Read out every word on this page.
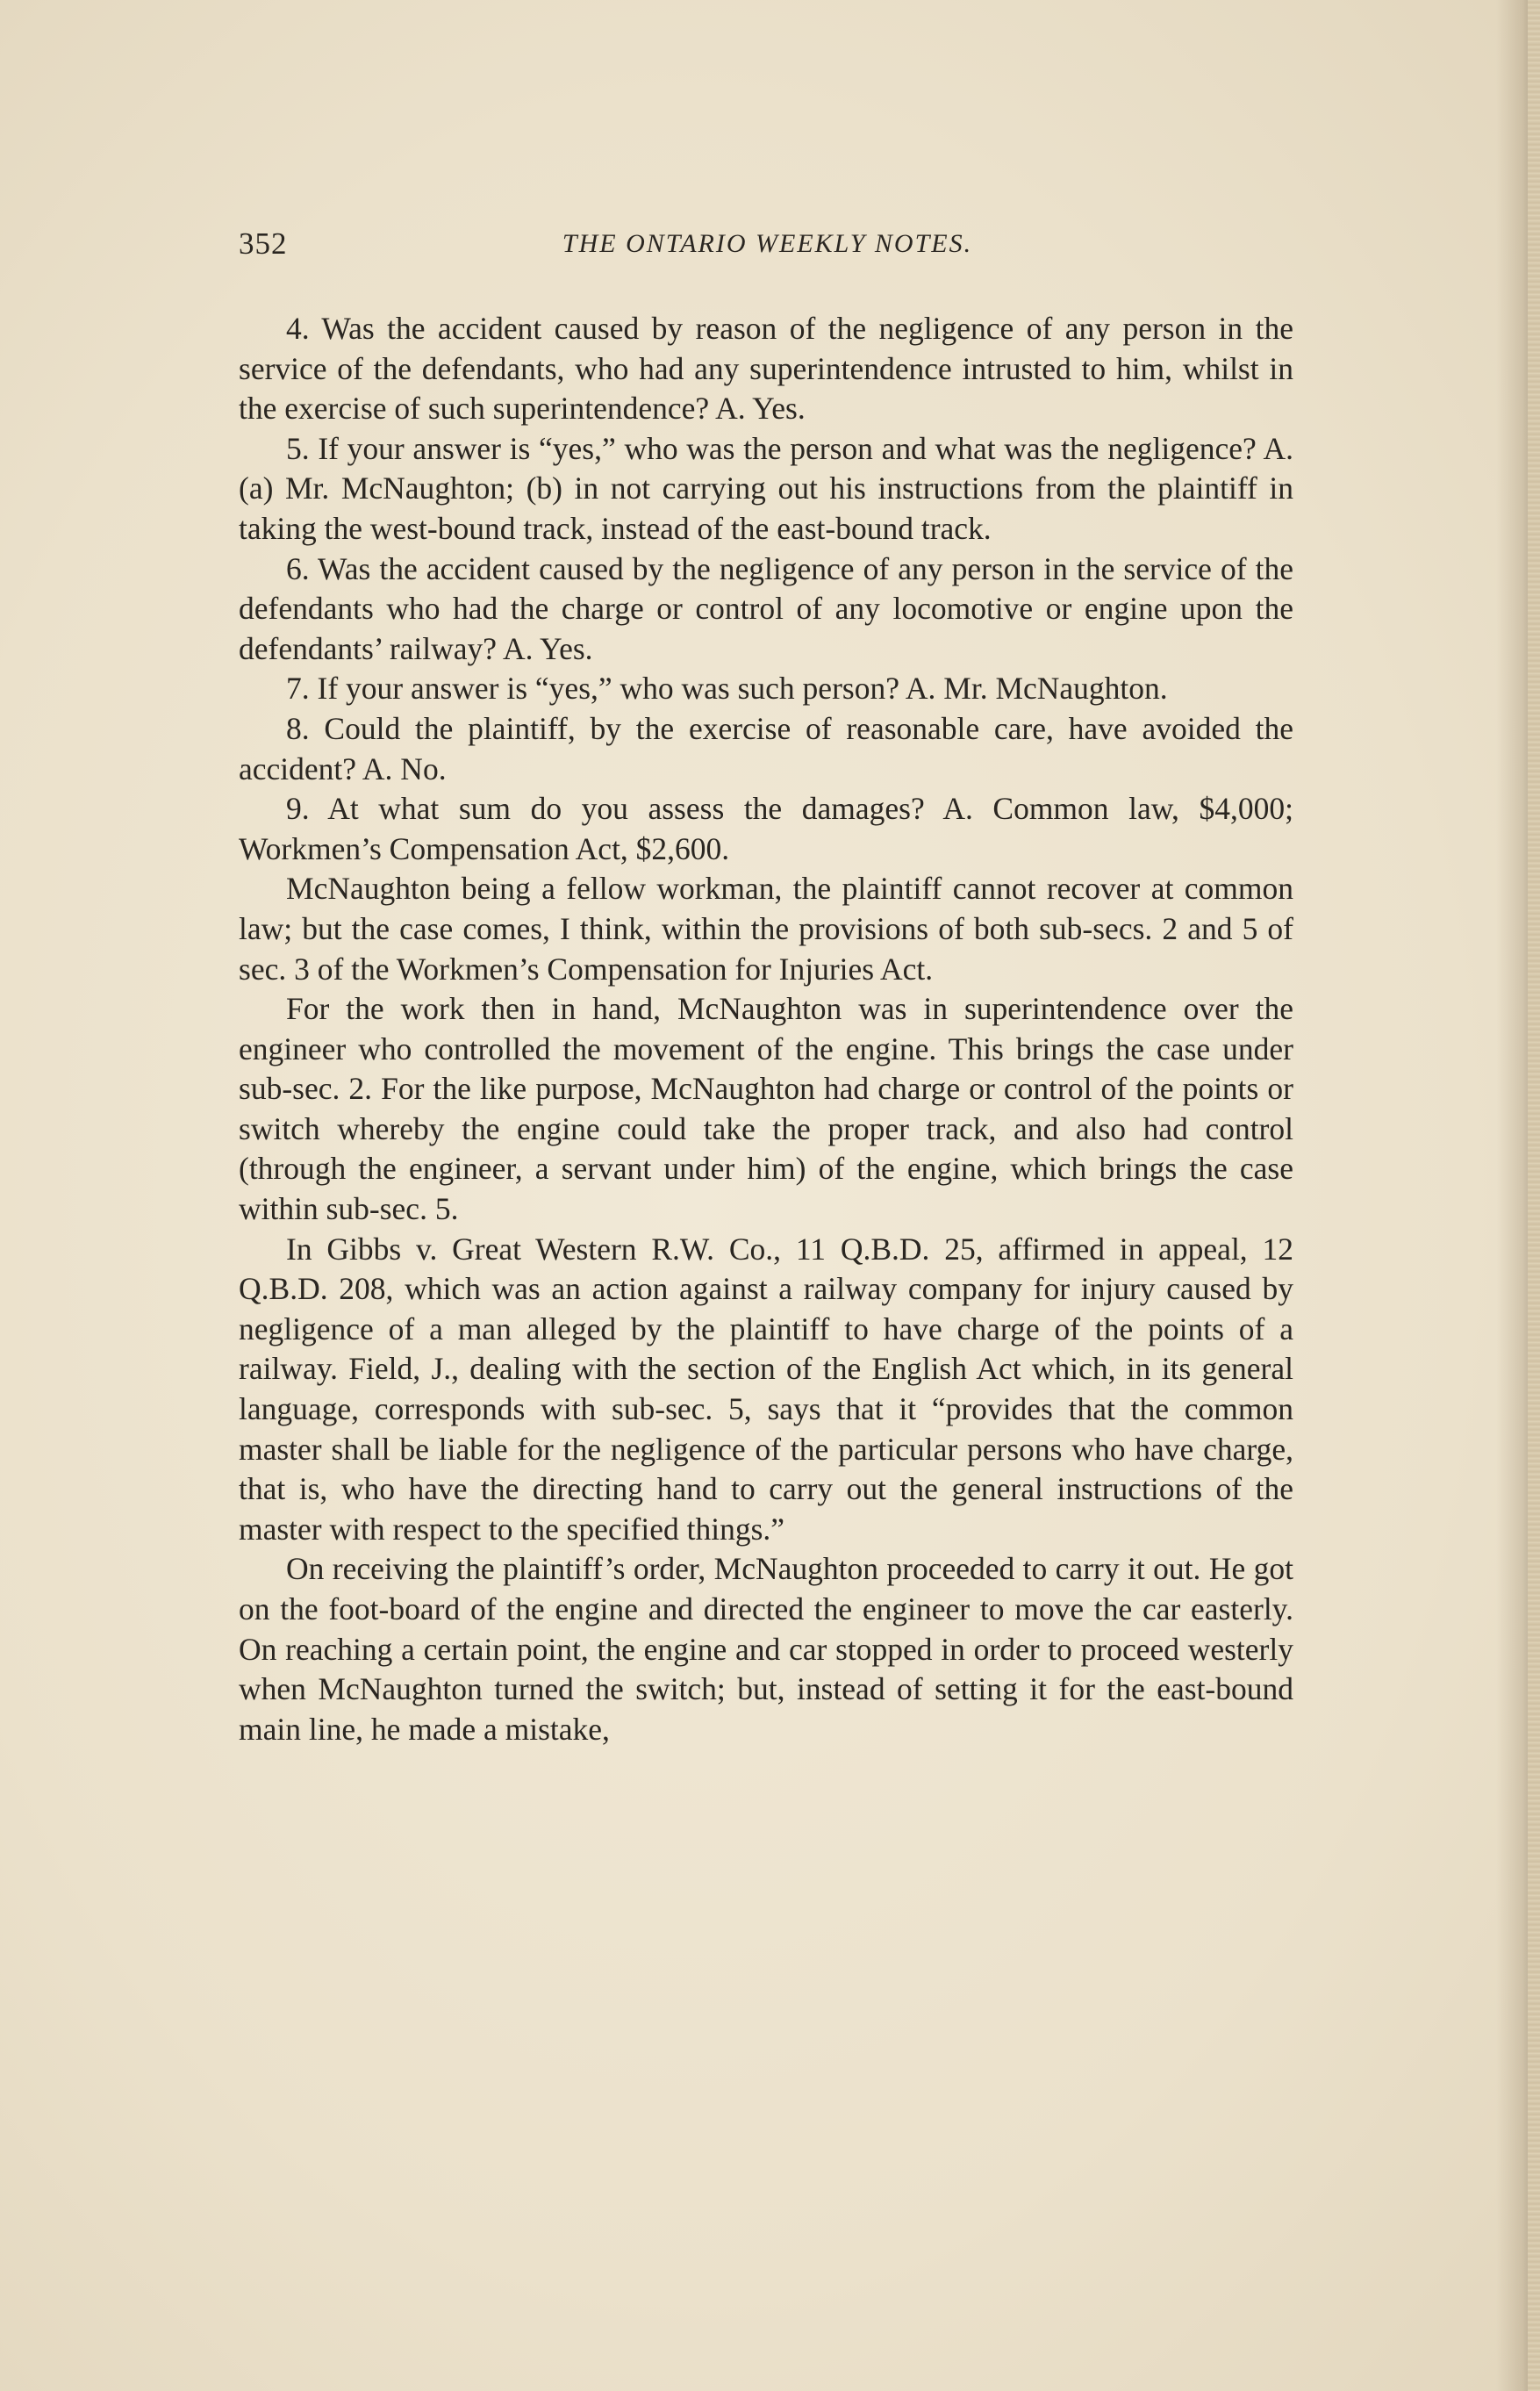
352	THE ONTARIO WEEKLY NOTES.

4. Was the accident caused by reason of the negligence of any person in the service of the defendants, who had any superintendence intrusted to him, whilst in the exercise of such superintendence? A. Yes.

5. If your answer is “yes,” who was the person and what was the negligence? A. (a) Mr. McNaughton; (b) in not carrying out his instructions from the plaintiff in taking the west-bound track, instead of the east-bound track.

6. Was the accident caused by the negligence of any person in the service of the defendants who had the charge or control of any locomotive or engine upon the defendants’ railway? A. Yes.

7. If your answer is “yes,” who was such person? A. Mr. McNaughton.

8. Could the plaintiff, by the exercise of reasonable care, have avoided the accident? A. No.

9. At what sum do you assess the damages? A. Common law, $4,000; Workmen’s Compensation Act, $2,600.

McNaughton being a fellow workman, the plaintiff cannot recover at common law; but the case comes, I think, within the provisions of both sub-secs. 2 and 5 of sec. 3 of the Workmen’s Compensation for Injuries Act.

For the work then in hand, McNaughton was in superintendence over the engineer who controlled the movement of the engine. This brings the case under sub-sec. 2. For the like purpose, McNaughton had charge or control of the points or switch whereby the engine could take the proper track, and also had control (through the engineer, a servant under him) of the engine, which brings the case within sub-sec. 5.

In Gibbs v. Great Western R.W. Co., 11 Q.B.D. 25, affirmed in appeal, 12 Q.B.D. 208, which was an action against a railway company for injury caused by negligence of a man alleged by the plaintiff to have charge of the points of a railway. Field, J., dealing with the section of the English Act which, in its general language, corresponds with sub-sec. 5, says that it “provides that the common master shall be liable for the negligence of the particular persons who have charge, that is, who have the directing hand to carry out the general instructions of the master with respect to the specified things.”

On receiving the plaintiff’s order, McNaughton proceeded to carry it out. He got on the foot-board of the engine and directed the engineer to move the car easterly. On reaching a certain point, the engine and car stopped in order to proceed westerly when McNaughton turned the switch; but, instead of setting it for the east-bound main line, he made a mistake,
